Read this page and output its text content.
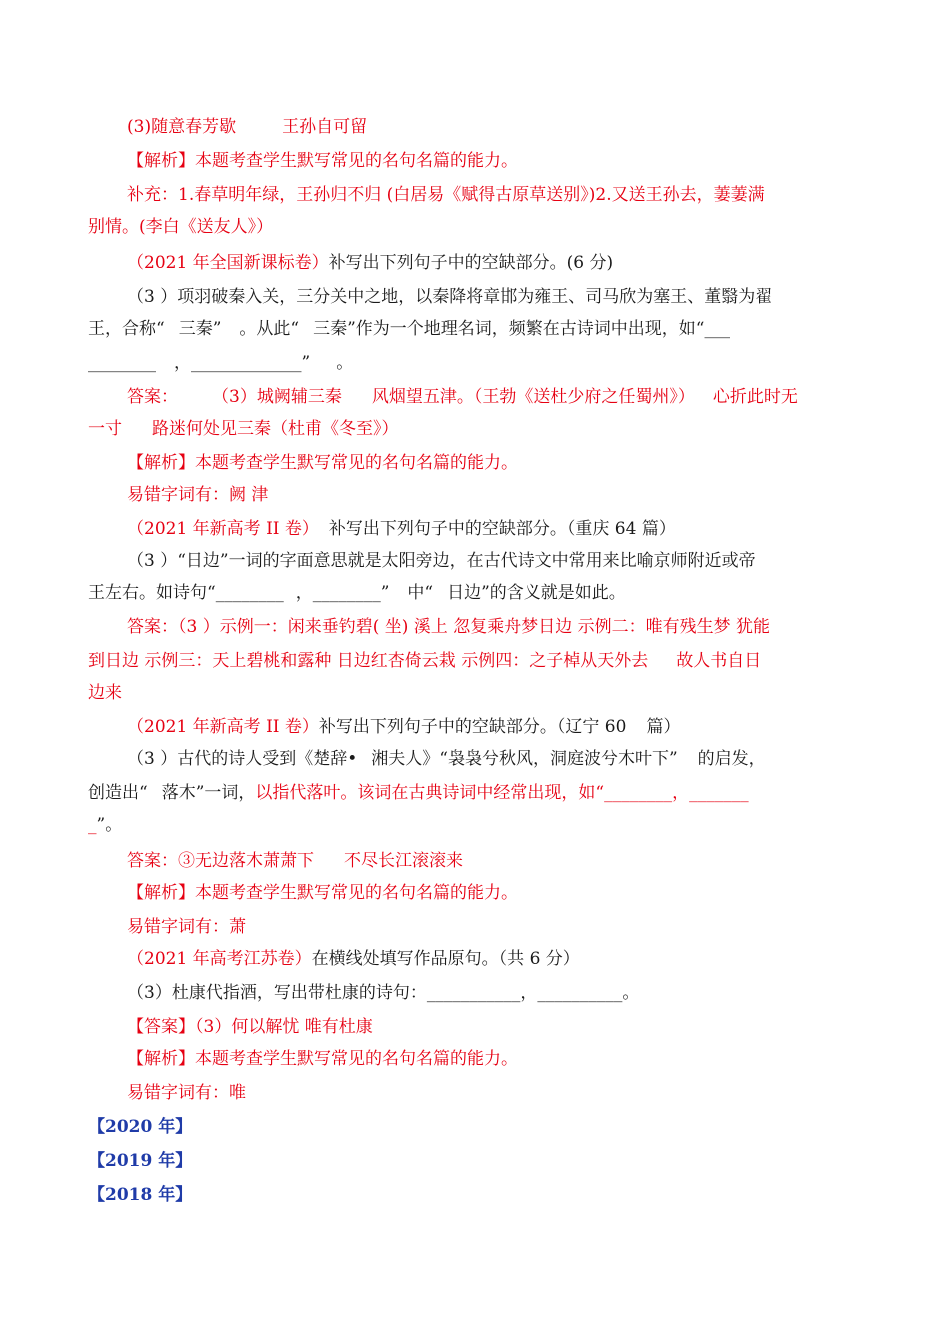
(3)随意春芳歇	王孙自可留
【解析】本题考查学生默写常见的名句名篇的能力。
补充：1.春草明年绿，王孙归不归 (白居易《赋得古原草送别》)2.又送王孙去，萋萋满
别情。(李白《送友人》）
（2021 年全国新课标卷）补写出下列句子中的空缺部分。(6 分)
（3 ）项羽破秦入关，三分关中之地，以秦降将章邯为雍王、司马欣为塞王、董翳为翟
王，合称“ 三秦” 。从此“ 三秦”作为一个地理名词，频繁在古诗词中出现，如“___
________ ，_____________” 。
答案： （3）城阙辅三秦 风烟望五津。（王勃《送杜少府之任蜀州》） 心折此时无
一寸 路迷何处见三秦（杜甫《冬至》）
【解析】本题考查学生默写常见的名句名篇的能力。
易错字词有：阙 津
（2021 年新高考 II 卷） 补写出下列句子中的空缺部分。（重庆 64 篇）
（3 ）“日边”一词的字面意思就是太阳旁边，在古代诗文中常用来比喻京师附近或帝
王左右。如诗句“________ ，________” 中“ 日边”的含义就是如此。
答案：（3 ）示例一：闲来垂钓碧( 坐) 溪上 忽复乘舟梦日边 示例二：唯有残生梦 犹能
到日边 示例三：天上碧桃和露种 日边红杏倚云栽 示例四：之子棹从天外去 故人书自日
边来
（2021 年新高考 II 卷）补写出下列句子中的空缺部分。（辽宁 60 篇）
（3 ）古代的诗人受到《楚辞• 湘夫人》“袅袅兮秋风，洞庭波兮木叶下” 的启发，
创造出“ 落木”一词，以指代落叶。该词在古典诗词中经常出现，如“________，_______
_”。
答案：③无边落木萧萧下 不尽长江滚滚来
【解析】本题考查学生默写常见的名句名篇的能力。
易错字词有：萧
（2021 年高考江苏卷）在横线处填写作品原句。（共 6 分）
（3）杜康代指酒，写出带杜康的诗句：___________，__________。
【答案】（3）何以解忧 唯有杜康
【解析】本题考查学生默写常见的名句名篇的能力。
易错字词有：唯
【2020 年】
【2019 年】
【2018 年】
